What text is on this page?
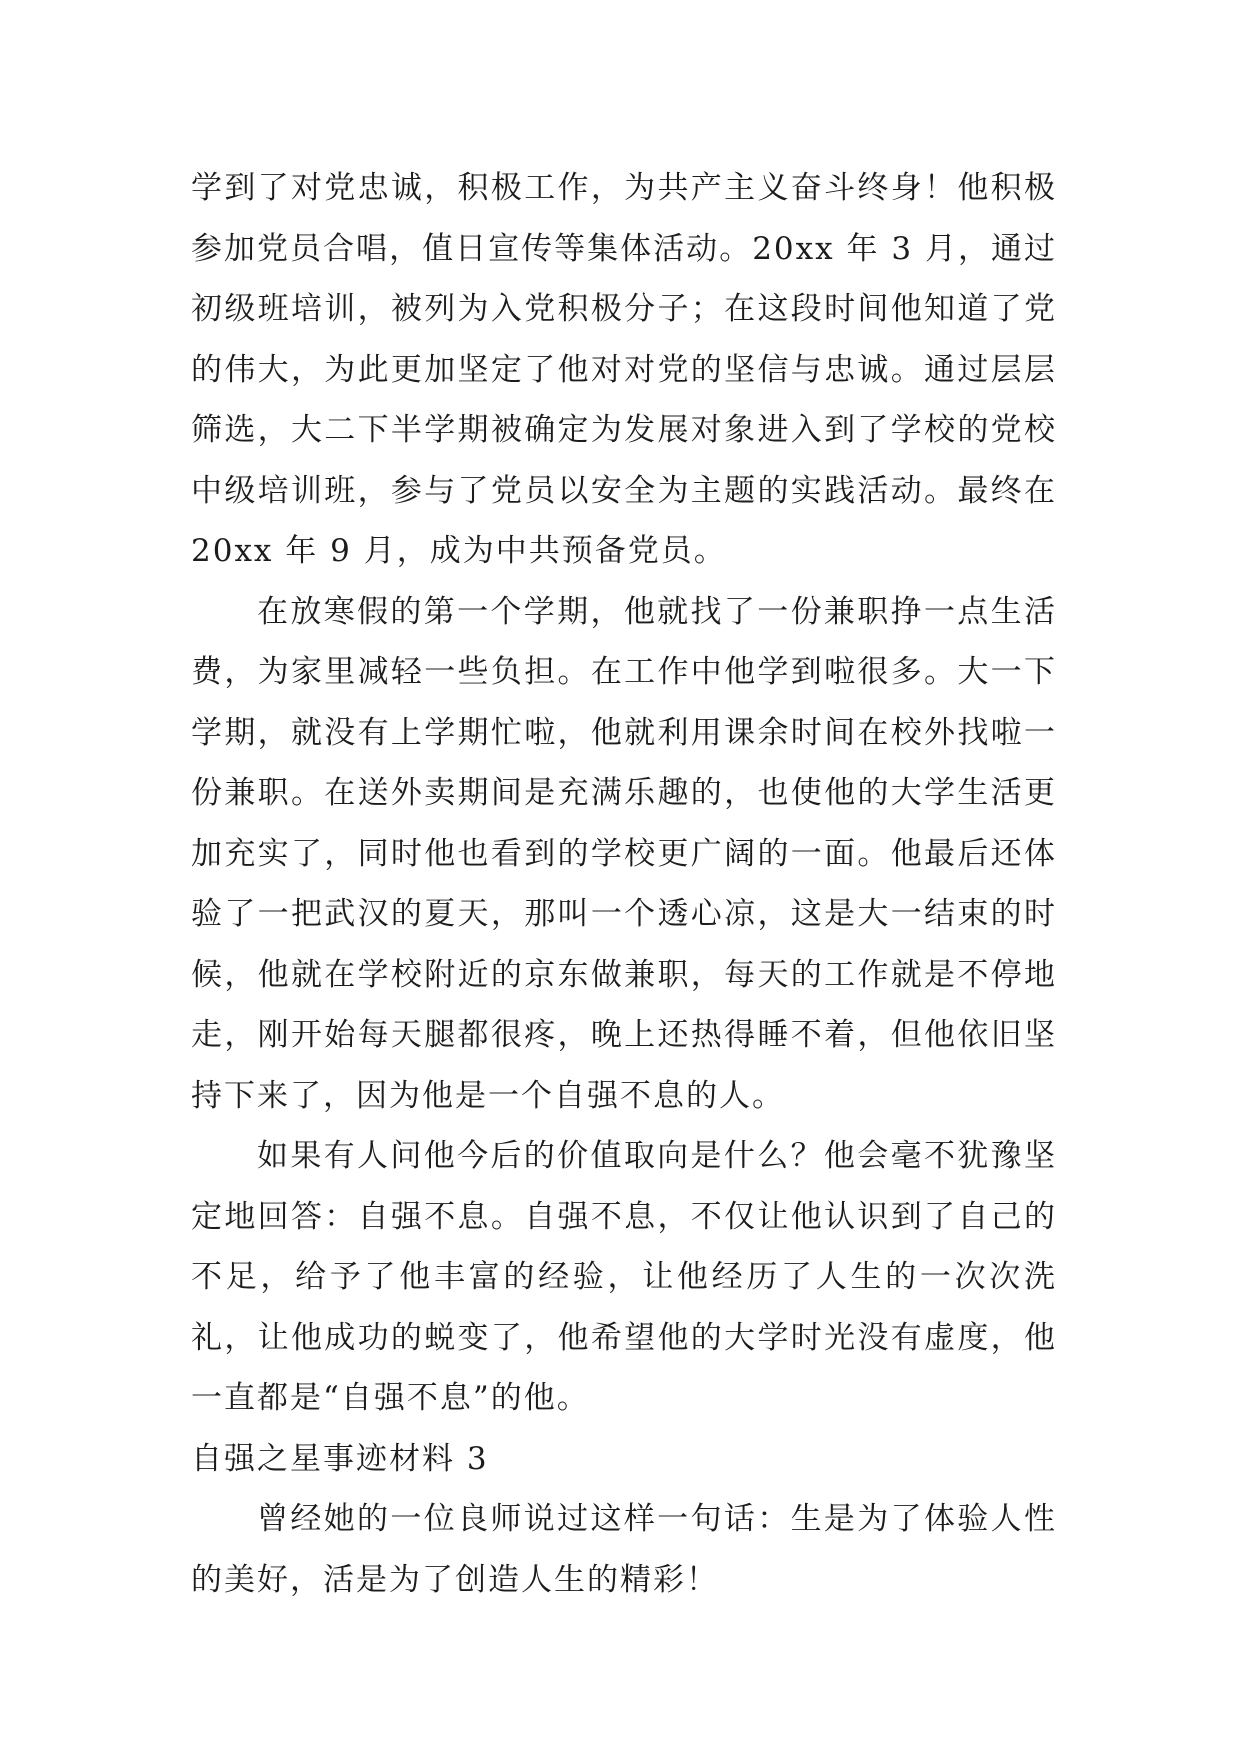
学到了对党忠诚，积极工作，为共产主义奋斗终身！他积极参加党员合唱，值日宣传等集体活动。20xx 年 3 月，通过初级班培训，被列为入党积极分子；在这段时间他知道了党的伟大，为此更加坚定了他对对党的坚信与忠诚。通过层层筛选，大二下半学期被确定为发展对象进入到了学校的党校中级培训班，参与了党员以安全为主题的实践活动。最终在20xx 年 9 月，成为中共预备党员。

在放寒假的第一个学期，他就找了一份兼职挣一点生活费，为家里减轻一些负担。在工作中他学到啦很多。大一下学期，就没有上学期忙啦，他就利用课余时间在校外找啦一份兼职。在送外卖期间是充满乐趣的，也使他的大学生活更加充实了，同时他也看到的学校更广阔的一面。他最后还体验了一把武汉的夏天，那叫一个透心凉，这是大一结束的时候，他就在学校附近的京东做兼职，每天的工作就是不停地走，刚开始每天腿都很疼，晚上还热得睡不着，但他依旧坚持下来了，因为他是一个自强不息的人。

如果有人问他今后的价值取向是什么？他会毫不犹豫坚定地回答：自强不息。自强不息，不仅让他认识到了自己的不足，给予了他丰富的经验，让他经历了人生的一次次洗礼，让他成功的蜕变了，他希望他的大学时光没有虚度，他一直都是“自强不息”的他。

自强之星事迹材料 3

曾经她的一位良师说过这样一句话：生是为了体验人性的美好，活是为了创造人生的精彩！
